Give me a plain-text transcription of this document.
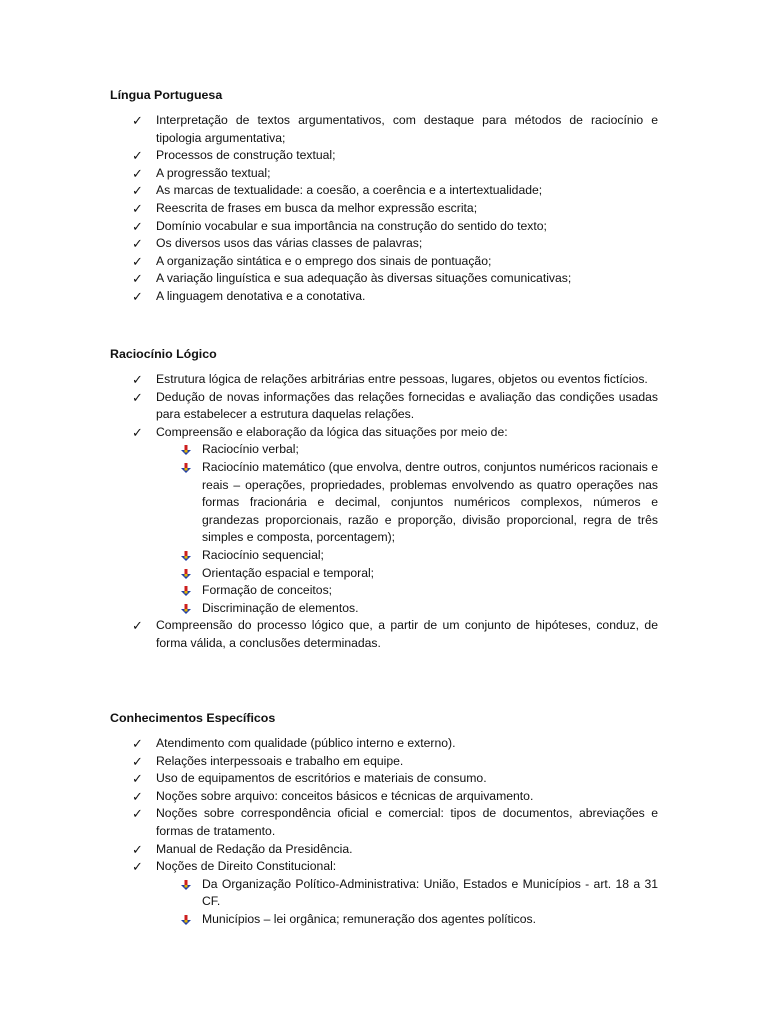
Língua Portuguesa
✓ Interpretação de textos argumentativos, com destaque para métodos de raciocínio e tipologia argumentativa;
✓ Processos de construção textual;
✓ A progressão textual;
✓ As marcas de textualidade: a coesão, a coerência e a intertextualidade;
✓ Reescrita de frases em busca da melhor expressão escrita;
✓ Domínio vocabular e sua importância na construção do sentido do texto;
✓ Os diversos usos das várias classes de palavras;
✓ A organização sintática e o emprego dos sinais de pontuação;
✓ A variação linguística e sua adequação às diversas situações comunicativas;
✓ A linguagem denotativa e a conotativa.
Raciocínio Lógico
✓ Estrutura lógica de relações arbitrárias entre pessoas, lugares, objetos ou eventos fictícios.
✓ Dedução de novas informações das relações fornecidas e avaliação das condições usadas para estabelecer a estrutura daquelas relações.
✓ Compreensão e elaboração da lógica das situações por meio de:
Raciocínio verbal;
Raciocínio matemático (que envolva, dentre outros, conjuntos numéricos racionais e reais – operações, propriedades, problemas envolvendo as quatro operações nas formas fracionária e decimal, conjuntos numéricos complexos, números e grandezas proporcionais, razão e proporção, divisão proporcional, regra de três simples e composta, porcentagem);
Raciocínio sequencial;
Orientação espacial e temporal;
Formação de conceitos;
Discriminação de elementos.
✓ Compreensão do processo lógico que, a partir de um conjunto de hipóteses, conduz, de forma válida, a conclusões determinadas.
Conhecimentos Específicos
✓ Atendimento com qualidade (público interno e externo).
✓ Relações interpessoais e trabalho em equipe.
✓ Uso de equipamentos de escritórios e materiais de consumo.
✓ Noções sobre arquivo: conceitos básicos e técnicas de arquivamento.
✓ Noções sobre correspondência oficial e comercial: tipos de documentos, abreviações e formas de tratamento.
✓ Manual de Redação da Presidência.
✓ Noções de Direito Constitucional:
Da Organização Político-Administrativa: União, Estados e Municípios - art. 18 a 31 CF.
Municípios – lei orgânica; remuneração dos agentes políticos.
